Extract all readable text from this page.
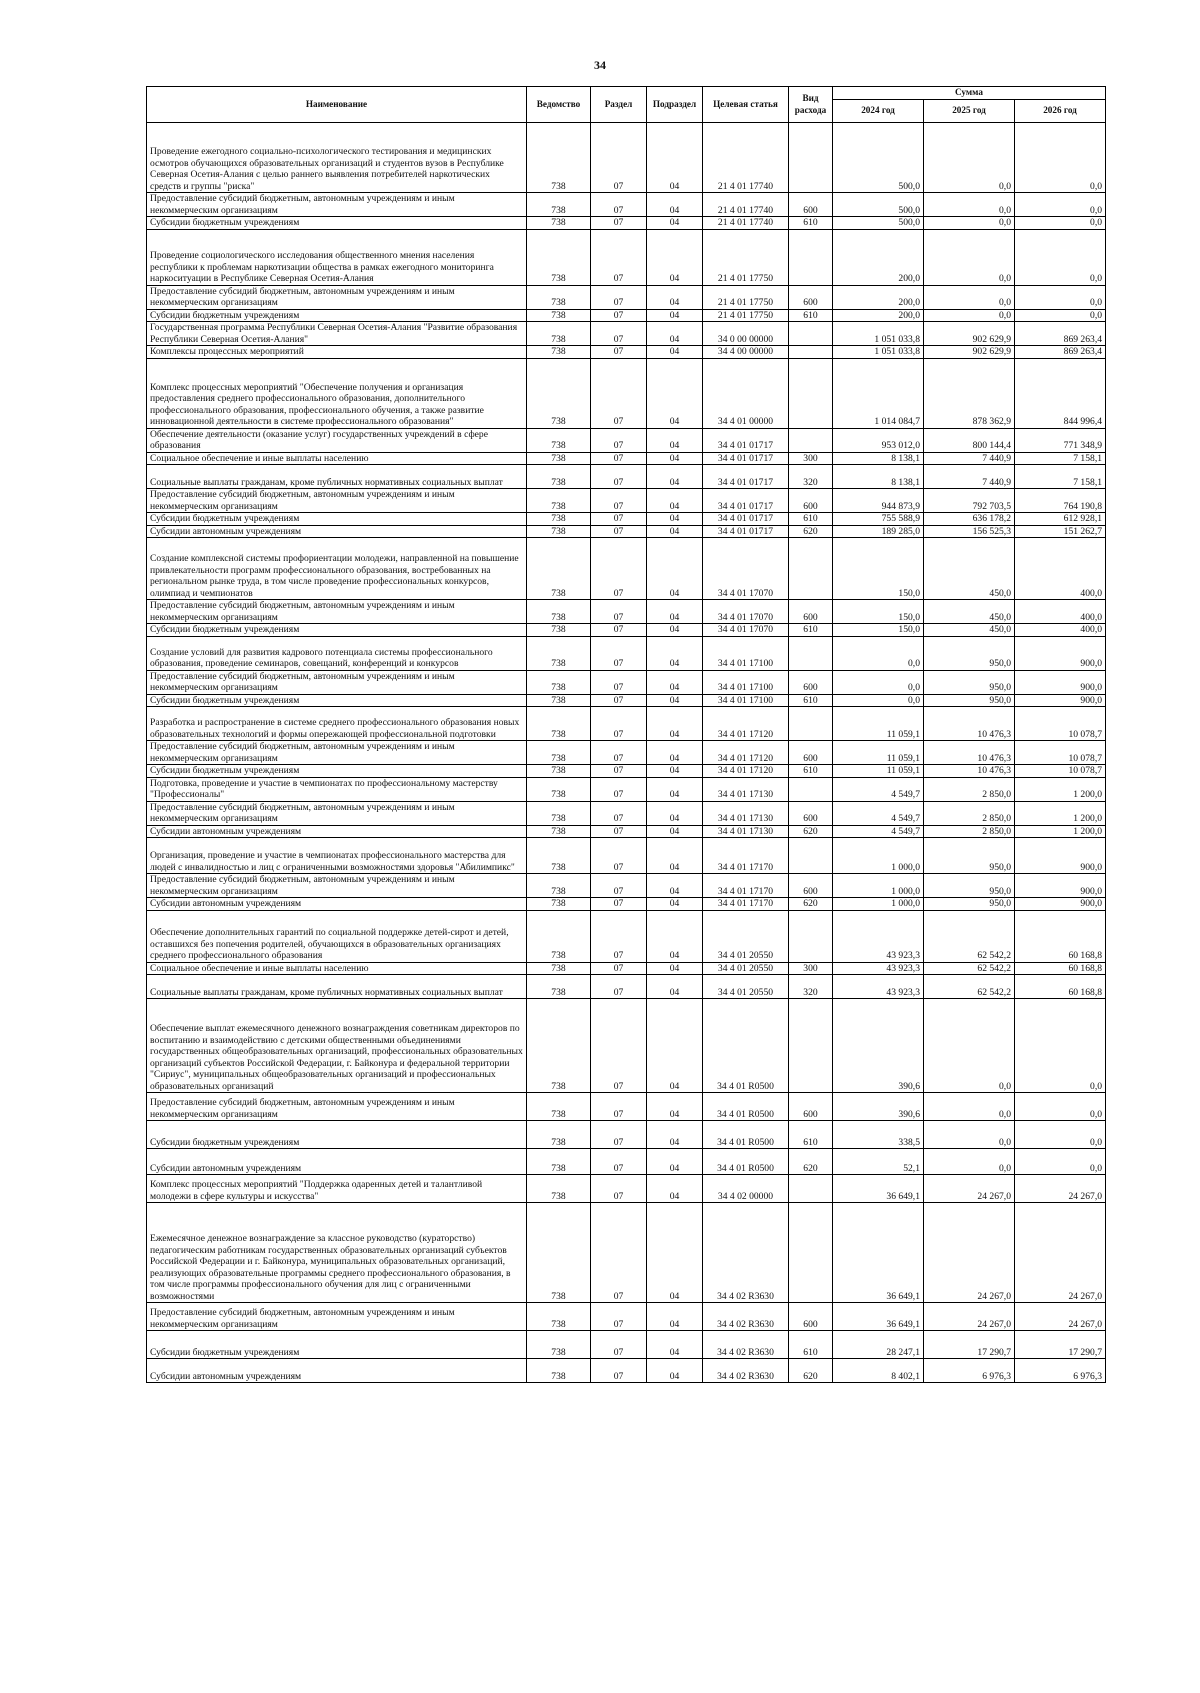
34
Наименование	Ведомство	Раздел	Подраздел	Целевая статья	Вид расхода	Сумма		
						2024 год	2025 год	2026 год
Проведение ежегодного социально-психологического тестирования и медицинских осмотров обучающихся образовательных организаций и студентов вузов в Республике Северная Осетия-Алания с целью раннего выявления потребителей наркотических средств и группы "риска"	738	07	04	21 4 01 17740		500,0	0,0	0,0
Предоставление субсидий бюджетным, автономным учреждениям и иным некоммерческим организациям	738	07	04	21 4 01 17740	600	500,0	0,0	0,0
Субсидии бюджетным учреждениям	738	07	04	21 4 01 17740	610	500,0	0,0	0,0
Проведение социологического исследования общественного мнения населения республики к проблемам наркотизации общества в рамках ежегодного мониторинга наркоситуации в Республике Северная Осетия-Алания	738	07	04	21 4 01 17750		200,0	0,0	0,0
Предоставление субсидий бюджетным, автономным учреждениям и иным некоммерческим организациям	738	07	04	21 4 01 17750	600	200,0	0,0	0,0
Субсидии бюджетным учреждениям	738	07	04	21 4 01 17750	610	200,0	0,0	0,0
Государственная программа Республики Северная Осетия-Алания "Развитие образования Республики Северная Осетия-Алания"	738	07	04	34 0 00 00000		1 051 033,8	902 629,9	869 263,4
Комплексы процессных мероприятий	738	07	04	34 4 00 00000		1 051 033,8	902 629,9	869 263,4
Комплекс процессных мероприятий "Обеспечение получения и организация предоставления среднего профессионального образования, дополнительного профессионального образования, профессионального обучения, а также развитие инновационной деятельности в системе профессионального образования"	738	07	04	34 4 01 00000		1 014 084,7	878 362,9	844 996,4
Обеспечение деятельности (оказание услуг) государственных учреждений в сфере образования	738	07	04	34 4 01 01717		953 012,0	800 144,4	771 348,9
Социальное обеспечение и иные выплаты населению	738	07	04	34 4 01 01717	300	8 138,1	7 440,9	7 158,1
Социальные выплаты гражданам, кроме публичных нормативных социальных выплат	738	07	04	34 4 01 01717	320	8 138,1	7 440,9	7 158,1
Предоставление субсидий бюджетным, автономным учреждениям и иным некоммерческим организациям	738	07	04	34 4 01 01717	600	944 873,9	792 703,5	764 190,8
Субсидии бюджетным учреждениям	738	07	04	34 4 01 01717	610	755 588,9	636 178,2	612 928,1
Субсидии автономным учреждениям	738	07	04	34 4 01 01717	620	189 285,0	156 525,3	151 262,7
Создание комплексной системы профориентации молодежи, направленной на повышение привлекательности программ профессионального образования, востребованных на региональном рынке труда, в том числе проведение профессиональных конкурсов, олимпиад и чемпионатов	738	07	04	34 4 01 17070		150,0	450,0	400,0
Предоставление субсидий бюджетным, автономным учреждениям и иным некоммерческим организациям	738	07	04	34 4 01 17070	600	150,0	450,0	400,0
Субсидии бюджетным учреждениям	738	07	04	34 4 01 17070	610	150,0	450,0	400,0
Создание условий для развития кадрового потенциала системы профессионального образования, проведение семинаров, совещаний, конференций и конкурсов	738	07	04	34 4 01 17100		0,0	950,0	900,0
Предоставление субсидий бюджетным, автономным учреждениям и иным некоммерческим организациям	738	07	04	34 4 01 17100	600	0,0	950,0	900,0
Субсидии бюджетным учреждениям	738	07	04	34 4 01 17100	610	0,0	950,0	900,0
Разработка и распространение в системе среднего профессионального образования новых образовательных технологий и формы опережающей профессиональной подготовки	738	07	04	34 4 01 17120		11 059,1	10 476,3	10 078,7
Предоставление субсидий бюджетным, автономным учреждениям и иным некоммерческим организациям	738	07	04	34 4 01 17120	600	11 059,1	10 476,3	10 078,7
Субсидии бюджетным учреждениям	738	07	04	34 4 01 17120	610	11 059,1	10 476,3	10 078,7
Подготовка, проведение и участие в чемпионатах по профессиональному мастерству "Профессионалы"	738	07	04	34 4 01 17130		4 549,7	2 850,0	1 200,0
Предоставление субсидий бюджетным, автономным учреждениям и иным некоммерческим организациям	738	07	04	34 4 01 17130	600	4 549,7	2 850,0	1 200,0
Субсидии автономным учреждениям	738	07	04	34 4 01 17130	620	4 549,7	2 850,0	1 200,0
Организация, проведение и участие в чемпионатах профессионального мастерства для людей с инвалидностью и лиц с ограниченными возможностями здоровья "Абилимпикс"	738	07	04	34 4 01 17170		1 000,0	950,0	900,0
Предоставление субсидий бюджетным, автономным учреждениям и иным некоммерческим организациям	738	07	04	34 4 01 17170	600	1 000,0	950,0	900,0
Субсидии автономным учреждениям	738	07	04	34 4 01 17170	620	1 000,0	950,0	900,0
Обеспечение дополнительных гарантий по социальной поддержке детей-сирот и детей, оставшихся без попечения родителей, обучающихся в образовательных организациях среднего профессионального образования	738	07	04	34 4 01 20550		43 923,3	62 542,2	60 168,8
Социальное обеспечение и иные выплаты населению	738	07	04	34 4 01 20550	300	43 923,3	62 542,2	60 168,8
Социальные выплаты гражданам, кроме публичных нормативных социальных выплат	738	07	04	34 4 01 20550	320	43 923,3	62 542,2	60 168,8
Обеспечение выплат ежемесячного денежного вознаграждения советникам директоров по воспитанию и взаимодействию с детскими общественными объединениями государственных общеобразовательных организаций, профессиональных образовательных организаций субъектов Российской Федерации, г. Байконура и федеральной территории "Сириус", муниципальных общеобразовательных организаций и профессиональных образовательных организаций	738	07	04	34 4 01 R0500		390,6	0,0	0,0
Предоставление субсидий бюджетным, автономным учреждениям и иным некоммерческим организациям	738	07	04	34 4 01 R0500	600	390,6	0,0	0,0
Субсидии бюджетным учреждениям	738	07	04	34 4 01 R0500	610	338,5	0,0	0,0
Субсидии автономным учреждениям	738	07	04	34 4 01 R0500	620	52,1	0,0	0,0
Комплекс процессных мероприятий "Поддержка одаренных детей и талантливой молодежи в сфере культуры и искусства"	738	07	04	34 4 02 00000		36 649,1	24 267,0	24 267,0
Ежемесячное денежное вознаграждение за классное руководство (кураторство) педагогическим работникам государственных образовательных организаций субъектов Российской Федерации и г. Байконура, муниципальных образовательных организаций, реализующих образовательные программы среднего профессионального образования, в том числе программы профессионального обучения для лиц с ограниченными возможностями	738	07	04	34 4 02 R3630		36 649,1	24 267,0	24 267,0
Предоставление субсидий бюджетным, автономным учреждениям и иным некоммерческим организациям	738	07	04	34 4 02 R3630	600	36 649,1	24 267,0	24 267,0
Субсидии бюджетным учреждениям	738	07	04	34 4 02 R3630	610	28 247,1	17 290,7	17 290,7
Субсидии автономным учреждениям	738	07	04	34 4 02 R3630	620	8 402,1	6 976,3	6 976,3
